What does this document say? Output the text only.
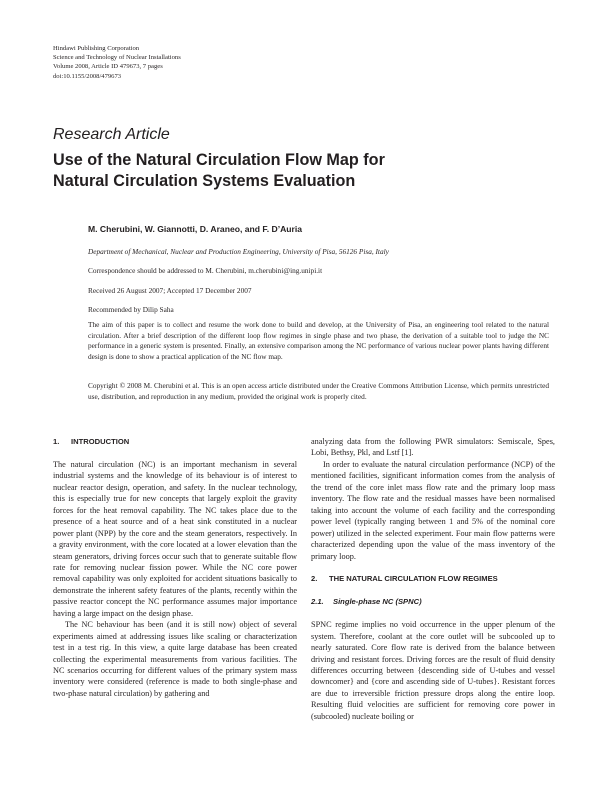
Hindawi Publishing Corporation
Science and Technology of Nuclear Installations
Volume 2008, Article ID 479673, 7 pages
doi:10.1155/2008/479673
Research Article
Use of the Natural Circulation Flow Map for
Natural Circulation Systems Evaluation
M. Cherubini, W. Giannotti, D. Araneo, and F. D’Auria
Department of Mechanical, Nuclear and Production Engineering, University of Pisa, 56126 Pisa, Italy
Correspondence should be addressed to M. Cherubini, m.cherubini@ing.unipi.it
Received 26 August 2007; Accepted 17 December 2007
Recommended by Dilip Saha
The aim of this paper is to collect and resume the work done to build and develop, at the University of Pisa, an engineering tool related to the natural circulation. After a brief description of the different loop flow regimes in single phase and two phase, the derivation of a suitable tool to judge the NC performance in a generic system is presented. Finally, an extensive comparison among the NC performance of various nuclear power plants having different design is done to show a practical application of the NC flow map.
Copyright © 2008 M. Cherubini et al. This is an open access article distributed under the Creative Commons Attribution License, which permits unrestricted use, distribution, and reproduction in any medium, provided the original work is properly cited.
1. INTRODUCTION

The natural circulation (NC) is an important mechanism in several industrial systems and the knowledge of its behaviour is of interest to nuclear reactor design, operation, and safety. In the nuclear technology, this is especially true for new concepts that largely exploit the gravity forces for the heat removal capability. The NC takes place due to the presence of a heat source and of a heat sink constituted in a nuclear power plant (NPP) by the core and the steam generators, respectively. In a gravity environment, with the core located at a lower elevation than the steam generators, driving forces occur such that to generate suitable flow rate for removing nuclear fission power. While the NC core power removal capability was only exploited for accident situations basically to demonstrate the inherent safety features of the plants, recently within the passive reactor concept the NC performance assumes major importance having a large impact on the design phase.

The NC behaviour has been (and it is still now) object of several experiments aimed at addressing issues like scaling or characterization test in a test rig. In this view, a quite large database has been created collecting the experimental measurements from various facilities. The NC scenarios occurring for different values of the primary system mass inventory were considered (reference is made to both single-phase and two-phase natural circulation) by gathering and

analyzing data from the following PWR simulators: Semiscale, Spes, Lobi, Bethsy, Pkl, and Lstf [1].

In order to evaluate the natural circulation performance (NCP) of the mentioned facilities, significant information comes from the analysis of the trend of the core inlet mass flow rate and the primary loop mass inventory. The flow rate and the residual masses have been normalised taking into account the volume of each facility and the corresponding power level (typically ranging between 1 and 5% of the nominal core power) utilized in the selected experiment. Four main flow patterns were characterized depending upon the value of the mass inventory of the primary loop.

2. THE NATURAL CIRCULATION FLOW REGIMES
2.1. Single-phase NC (SPNC)

SPNC regime implies no void occurrence in the upper plenum of the system. Therefore, coolant at the core outlet will be subcooled up to nearly saturated. Core flow rate is derived from the balance between driving and resistant forces. Driving forces are the result of fluid density differences occurring between {descending side of U-tubes and vessel downcomer} and {core and ascending side of U-tubes}. Resistant forces are due to irreversible friction pressure drops along the entire loop. Resulting fluid velocities are sufficient for removing core power in (subcooled) nucleate boiling or
